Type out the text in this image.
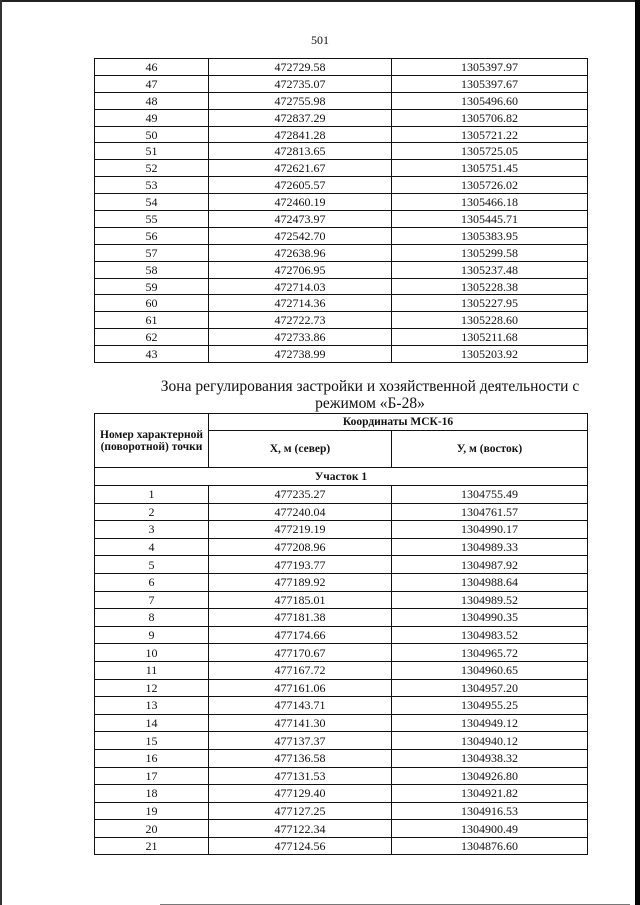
501
46	472729.58	1305397.97
47	472735.07	1305397.67
48	472755.98	1305496.60
49	472837.29	1305706.82
50	472841.28	1305721.22
51	472813.65	1305725.05
52	472621.67	1305751.45
53	472605.57	1305726.02
54	472460.19	1305466.18
55	472473.97	1305445.71
56	472542.70	1305383.95
57	472638.96	1305299.58
58	472706.95	1305237.48
59	472714.03	1305228.38
60	472714.36	1305227.95
61	472722.73	1305228.60
62	472733.86	1305211.68
43	472738.99	1305203.92
Зона регулирования застройки и хозяйственной деятельности с
режимом «Б-28»
Номер характерной (поворотной) точки	Координаты МСК-16	
	Х, м (север)	У, м (восток)
Участок 1		
1	477235.27	1304755.49
2	477240.04	1304761.57
3	477219.19	1304990.17
4	477208.96	1304989.33
5	477193.77	1304987.92
6	477189.92	1304988.64
7	477185.01	1304989.52
8	477181.38	1304990.35
9	477174.66	1304983.52
10	477170.67	1304965.72
11	477167.72	1304960.65
12	477161.06	1304957.20
13	477143.71	1304955.25
14	477141.30	1304949.12
15	477137.37	1304940.12
16	477136.58	1304938.32
17	477131.53	1304926.80
18	477129.40	1304921.82
19	477127.25	1304916.53
20	477122.34	1304900.49
21	477124.56	1304876.60
